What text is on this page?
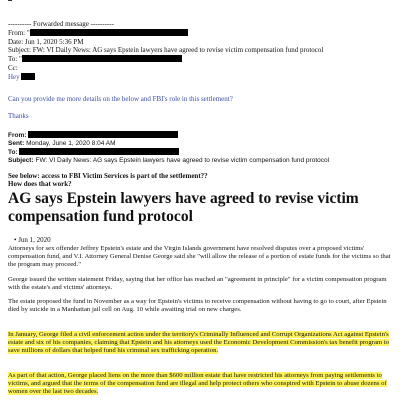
---------- Forwarded message ----------
From: "
Date: Jun 1, 2020 5:36 PM
Subject: FW: VI Daily News: AG says Epstein lawyers have agreed to revise victim compensation fund protocol
To: "
Cc:
Hey
Can you provide me more details on the below and FBI's role in this settlement?
Thanks
From:
Sent: Monday, June 1, 2020 8:04 AM
To:
Subject: FW: VI Daily News: AG says Epstein lawyers have agreed to revise victim compensation fund protocol
See below: access to FBI Victim Services is part of the settlement??
How does that work?
AG says Epstein lawyers have agreed to revise victim compensation fund protocol
• Jun 1, 2020
Attorneys for sex offender Jeffrey Epstein's estate and the Virgin Islands government have resolved disputes over a proposed victims' compensation fund, and V.I. Attorney General Denise George said she "will allow the release of a portion of estate funds for the victims so that the program may proceed."
George issued the written statement Friday, saying that her office has reached an "agreement in principle" for a victim compensation program with the estate's and victims' attorneys.
The estate proposed the fund in November as a way for Epstein's victims to receive compensation without having to go to court, after Epstein died by suicide in a Manhattan jail cell on Aug. 10 while awaiting trial on new charges.
In January, George filed a civil enforcement action under the territory's Criminally Influenced and Corrupt Organizations Act against Epstein's estate and six of his companies, claiming that Epstein and his attorneys used the Economic Development Commission's tax benefit program to save millions of dollars that helped fund his criminal sex trafficking operation.
As part of that action, George placed liens on the more than $600 million estate that have restricted his attorneys from paying settlements to victims, and argued that the terms of the compensation fund are illegal and help protect others who conspired with Epstein to abuse dozens of women over the last two decades.
